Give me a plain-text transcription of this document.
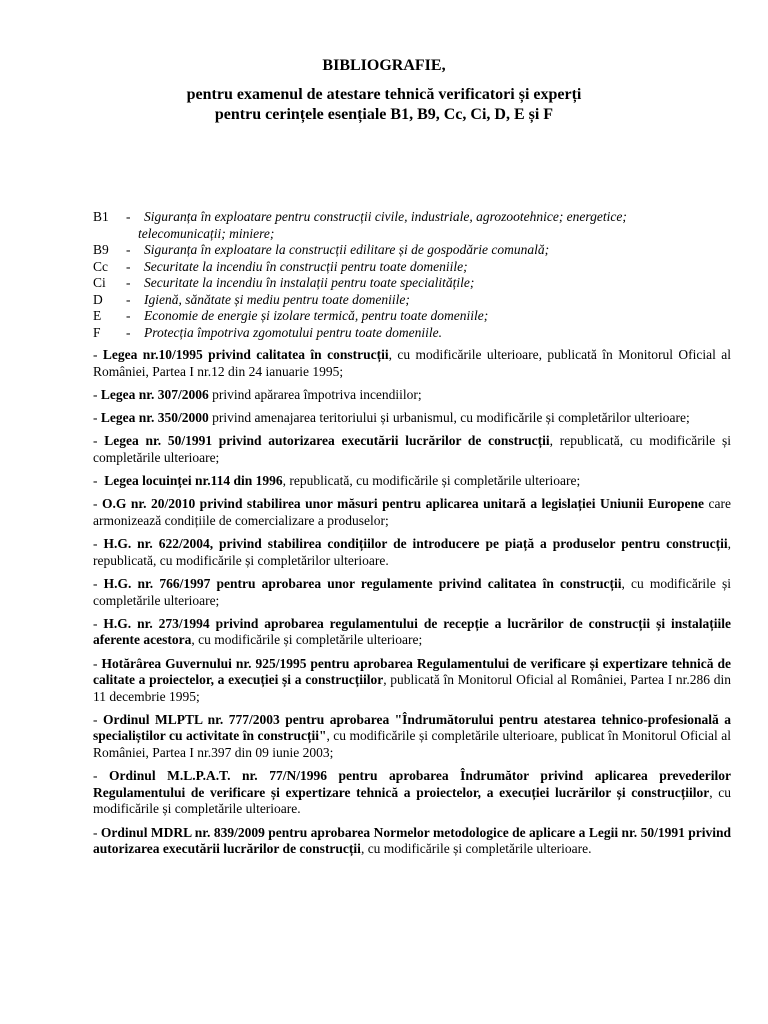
BIBLIOGRAFIE,
pentru examenul de atestare tehnică verificatori și experți
pentru cerințele esențiale B1, B9, Cc, Ci, D, E și F
B1 - Siguranța în exploatare pentru construcții civile, industriale, agrozootehnice; energetice;
telecomunicații; miniere;
B9 - Siguranța în exploatare la construcții edilitare și de gospodărie comunală;
Cc - Securitate la incendiu în construcții pentru toate domeniile;
Ci - Securitate la incendiu în instalații pentru toate specialitățile;
D - Igienă, sănătate și mediu pentru toate domeniile;
E - Economie de energie și izolare termică, pentru toate domeniile;
F - Protecția împotriva zgomotului pentru toate domeniile.

- Legea nr.10/1995 privind calitatea în construcții, cu modificările ulterioare, publicată în Monitorul Oficial al României, Partea I nr.12 din 24 ianuarie 1995;

- Legea nr. 307/2006 privind apărarea împotriva incendiilor;

- Legea nr. 350/2000 privind amenajarea teritoriului și urbanismul, cu modificările și completărilor ulterioare;

- Legea nr. 50/1991 privind autorizarea executării lucrărilor de construcții, republicată, cu modificările și completările ulterioare;

-  Legea locuinței nr.114 din 1996, republicată, cu modificările și completările ulterioare;

- O.G nr. 20/2010 privind stabilirea unor măsuri pentru aplicarea unitară a legislației Uniunii Europene care armonizează condițiile de comercializare a produselor;

- H.G. nr. 622/2004, privind stabilirea condițiilor de introducere pe piață a produselor pentru construcții, republicată, cu modificările și completărilor ulterioare.

- H.G. nr. 766/1997 pentru aprobarea unor regulamente privind calitatea în construcții, cu modificările și completările ulterioare;

- H.G. nr. 273/1994 privind aprobarea regulamentului de recepție a lucrărilor de construcții și instalațiile aferente acestora, cu modificările și completările ulterioare;

- Hotărârea Guvernului nr. 925/1995 pentru aprobarea Regulamentului de verificare și expertizare tehnică de calitate a proiectelor, a execuției și a construcțiilor, publicată în Monitorul Oficial al României, Partea I nr.286 din 11 decembrie 1995;

- Ordinul MLPTL nr. 777/2003 pentru aprobarea "Îndrumătorului pentru atestarea tehnico-profesională a specialiștilor cu activitate în construcții", cu modificările și completările ulterioare, publicat în Monitorul Oficial al României, Partea I nr.397 din 09 iunie 2003;

- Ordinul M.L.P.A.T. nr. 77/N/1996 pentru aprobarea Îndrumător privind aplicarea prevederilor Regulamentului de verificare și expertizare tehnică a proiectelor, a execuției lucrărilor și construcțiilor, cu modificările și completările ulterioare.

- Ordinul MDRL nr. 839/2009 pentru aprobarea Normelor metodologice de aplicare a Legii nr. 50/1991 privind autorizarea executării lucrărilor de construcții, cu modificările și completările ulterioare.
